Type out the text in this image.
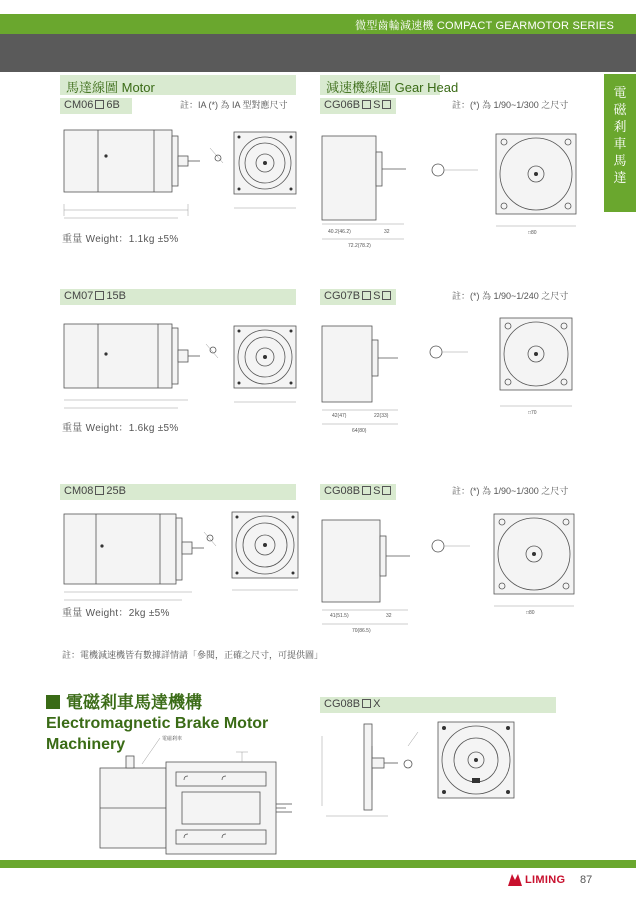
微型齒輪減速機 COMPACT GEARMOTOR SERIES
電
磁
剎
車
馬
達
馬達線圖 Motor	減速機線圖 Gear Head
CM06 6B	註：IA (*) 為 IA 型對應尺寸
重量 Weight：1.1kg ±5%
CM07 15B
重量 Weight：1.6kg ±5%
CM08 25B
重量 Weight：2kg ±5%
CG06B S	註：(*) 為 1/90~1/300 之尺寸
40.2(46.2)	32
72.2(78.2)
□80
CG07B S	註：(*) 為 1/90~1/240 之尺寸
42(47)	22(33)
64(80)
□70
CG08B S	註：(*) 為 1/90~1/300 之尺寸
41(51.5)	32
70(86.5)
□80
註：電機減速機皆有數據詳情請「參閱，正確之尺寸，可提供圖」
電磁剎車馬達機構
Electromagnetic Brake Motor
Machinery
CG08B X
電磁剎車
LIMING 87
